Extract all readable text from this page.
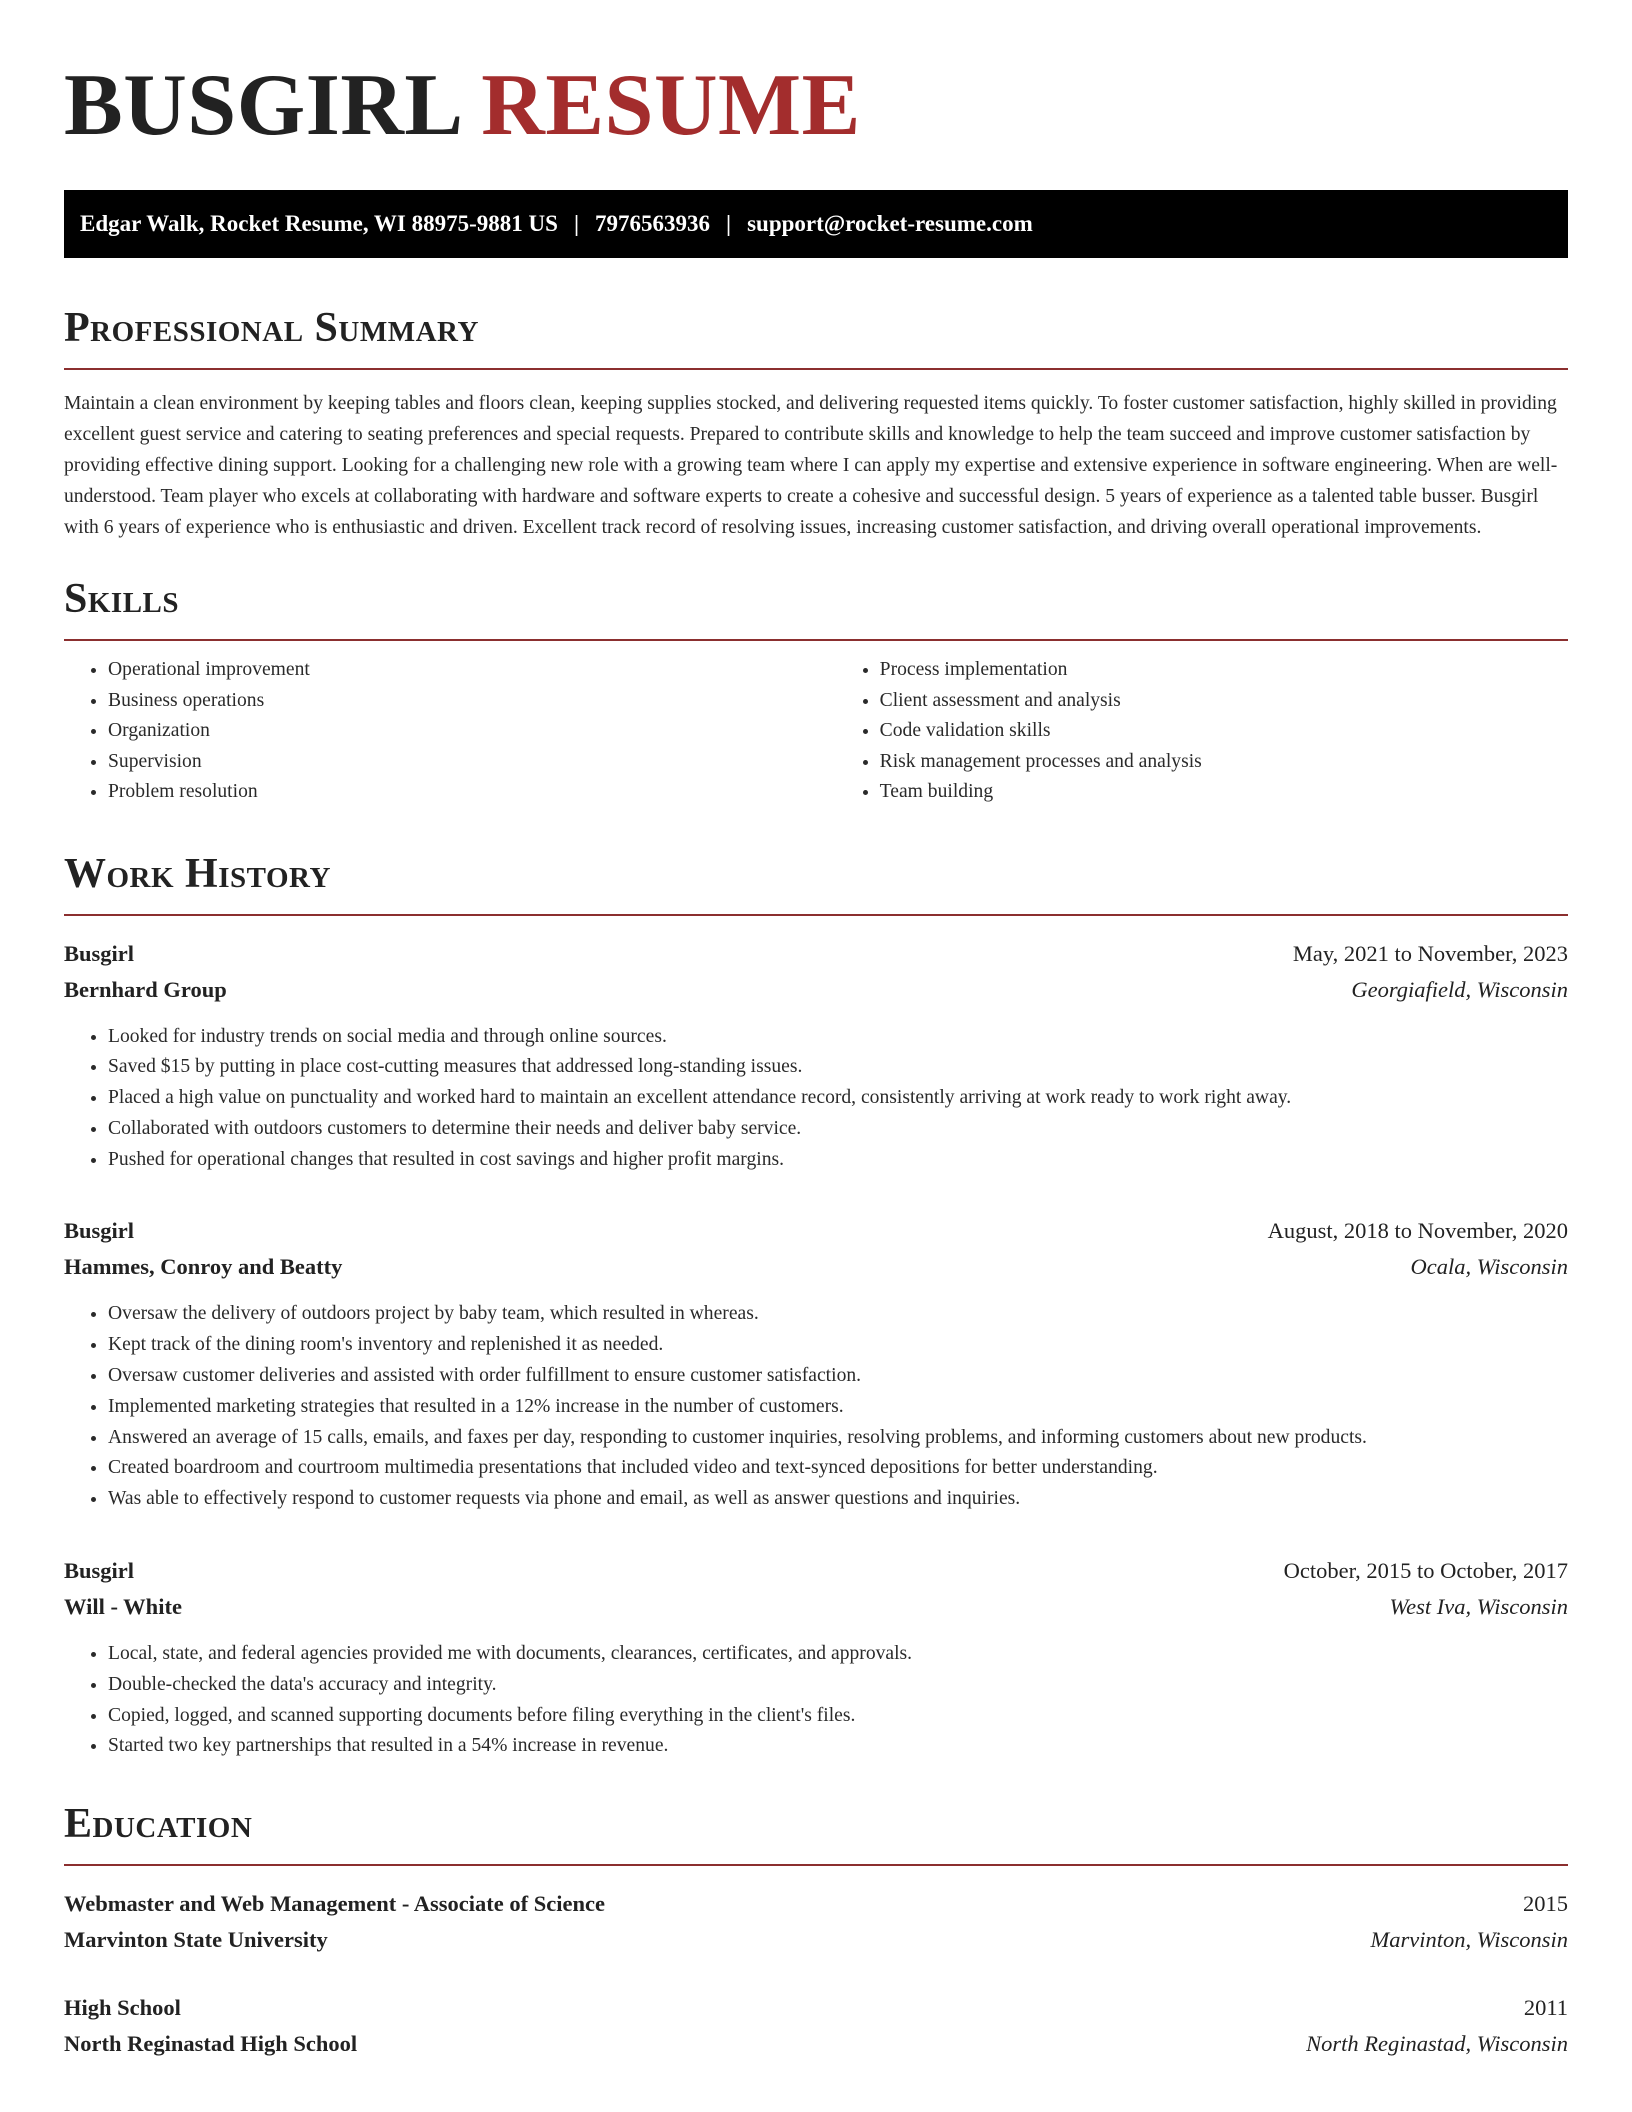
BUSGIRL RESUME
Edgar Walk, Rocket Resume, WI 88975-9881 US | 7976563936 | support@rocket-resume.com
Professional Summary

Maintain a clean environment by keeping tables and floors clean, keeping supplies stocked, and delivering requested items quickly. To foster customer satisfaction, highly skilled in providing excellent guest service and catering to seating preferences and special requests. Prepared to contribute skills and knowledge to help the team succeed and improve customer satisfaction by providing effective dining support. Looking for a challenging new role with a growing team where I can apply my expertise and extensive experience in software engineering. When are well-understood. Team player who excels at collaborating with hardware and software experts to create a cohesive and successful design. 5 years of experience as a talented table busser. Busgirl with 6 years of experience who is enthusiastic and driven. Excellent track record of resolving issues, increasing customer satisfaction, and driving overall operational improvements.

Skills
• Operational improvement
• Business operations
• Organization
• Supervision
• Problem resolution
• Process implementation
• Client assessment and analysis
• Code validation skills
• Risk management processes and analysis
• Team building
Work History
Busgirl	May, 2021 to November, 2023
Bernhard Group	Georgiafield, Wisconsin
• Looked for industry trends on social media and through online sources.
• Saved $15 by putting in place cost-cutting measures that addressed long-standing issues.
• Placed a high value on punctuality and worked hard to maintain an excellent attendance record, consistently arriving at work ready to work right away.
• Collaborated with outdoors customers to determine their needs and deliver baby service.
• Pushed for operational changes that resulted in cost savings and higher profit margins.
Busgirl	August, 2018 to November, 2020
Hammes, Conroy and Beatty	Ocala, Wisconsin
• Oversaw the delivery of outdoors project by baby team, which resulted in whereas.
• Kept track of the dining room's inventory and replenished it as needed.
• Oversaw customer deliveries and assisted with order fulfillment to ensure customer satisfaction.
• Implemented marketing strategies that resulted in a 12% increase in the number of customers.
• Answered an average of 15 calls, emails, and faxes per day, responding to customer inquiries, resolving problems, and informing customers about new products.
• Created boardroom and courtroom multimedia presentations that included video and text-synced depositions for better understanding.
• Was able to effectively respond to customer requests via phone and email, as well as answer questions and inquiries.
Busgirl	October, 2015 to October, 2017
Will - White	West Iva, Wisconsin
• Local, state, and federal agencies provided me with documents, clearances, certificates, and approvals.
• Double-checked the data's accuracy and integrity.
• Copied, logged, and scanned supporting documents before filing everything in the client's files.
• Started two key partnerships that resulted in a 54% increase in revenue.
Education
Webmaster and Web Management - Associate of Science	2015
Marvinton State University	Marvinton, Wisconsin
High School	2011
North Reginastad High School	North Reginastad, Wisconsin
